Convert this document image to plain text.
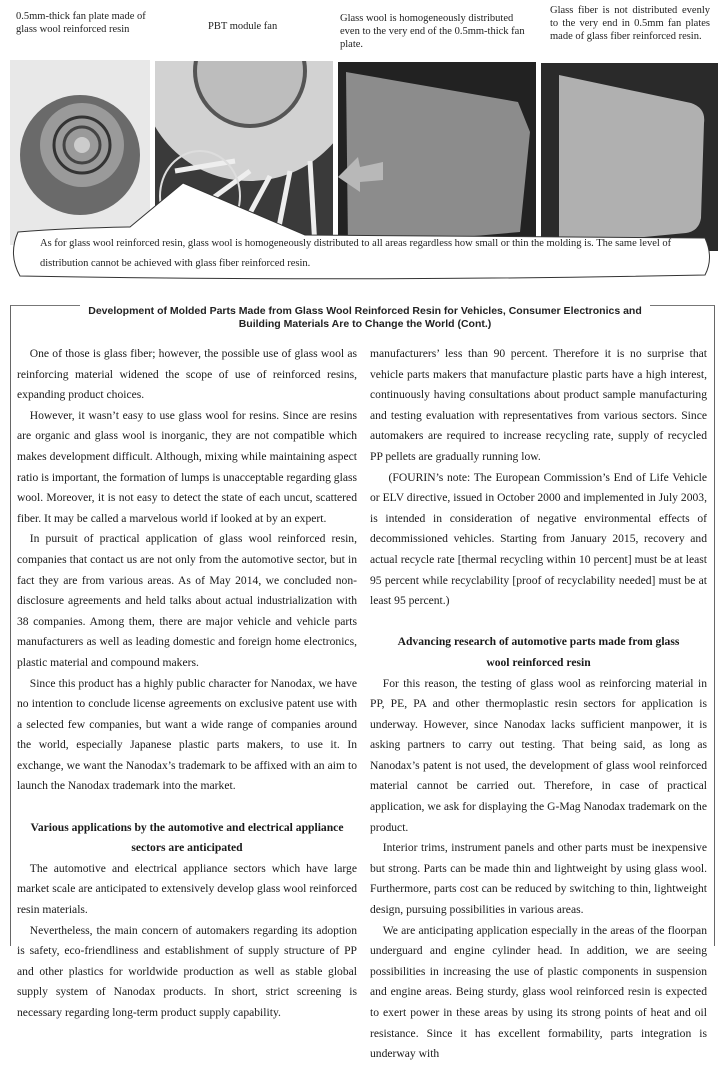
0.5mm-thick fan plate made of glass wool reinforced resin	PBT module fan
Glass wool is homogeneously distributed even to the very end of the 0.5mm-thick fan plate.
Glass fiber is not distributed evenly to the very end in 0.5mm fan plates made of glass fiber reinforced resin.
As for glass wool reinforced resin, glass wool is homogeneously distributed to all areas regardless how small or thin the molding is. The same level of distribution cannot be achieved with glass fiber reinforced resin.
Development of Molded Parts Made from Glass Wool Reinforced Resin for Vehicles, Consumer Electronics and
Building Materials Are to Change the World (Cont.)

One of those is glass fiber; however, the possible use of glass wool as reinforcing material widened the scope of use of reinforced resins, expanding product choices.

However, it wasn’t easy to use glass wool for resins. Since are resins are organic and glass wool is inorganic, they are not compatible which makes development difficult. Although, mixing while maintaining aspect ratio is important, the formation of lumps is unacceptable regarding glass wool. Moreover, it is not easy to detect the state of each uncut, scattered fiber. It may be called a marvelous world if looked at by an expert.

In pursuit of practical application of glass wool reinforced resin, companies that contact us are not only from the automotive sector, but in fact they are from various areas. As of May 2014, we concluded non-disclosure agreements and held talks about actual industrialization with 38 companies. Among them, there are major vehicle and vehicle parts manufacturers as well as leading domestic and foreign home electronics, plastic material and compound makers.

Since this product has a highly public character for Nanodax, we have no intention to conclude license agreements on exclusive patent use with a selected few companies, but want a wide range of companies around the world, especially Japanese plastic parts makers, to use it. In exchange, we want the Nanodax’s trademark to be affixed with an aim to launch the Nanodax trademark into the market.

Various applications by the automotive and electrical appliance sectors are anticipated

The automotive and electrical appliance sectors which have large market scale are anticipated to extensively develop glass wool reinforced resin materials.

Nevertheless, the main concern of automakers regarding its adoption is safety, eco-friendliness and establishment of supply structure of PP and other plastics for worldwide production as well as stable global supply system of Nanodax products. In short, strict screening is necessary regarding long-term product supply capability.

manufacturers’ less than 90 percent. Therefore it is no surprise that vehicle parts makers that manufacture plastic parts have a high interest, continuously having consultations about product sample manufacturing and testing evaluation with representatives from various sectors. Since automakers are required to increase recycling rate, supply of recycled PP pellets are gradually running low.

(FOURIN’s note: The European Commission’s End of Life Vehicle or ELV directive, issued in October 2000 and implemented in July 2003, is intended in consideration of negative environmental effects of decommissioned vehicles. Starting from January 2015, recovery and actual recycle rate [thermal recycling within 10 percent] must be at least 95 percent while recyclability [proof of recyclability needed] must be at least 95 percent.)

Advancing research of automotive parts made from glass wool reinforced resin

For this reason, the testing of glass wool as reinforcing material in PP, PE, PA and other thermoplastic resin sectors for application is underway. However, since Nanodax lacks sufficient manpower, it is asking partners to carry out testing. That being said, as long as Nanodax’s patent is not used, the development of glass wool reinforced material cannot be carried out. Therefore, in case of practical application, we ask for displaying the G-Mag Nanodax trademark on the product.

Interior trims, instrument panels and other parts must be inexpensive but strong. Parts can be made thin and lightweight by using glass wool. Furthermore, parts cost can be reduced by switching to thin, lightweight design, pursuing possibilities in various areas.

We are anticipating application especially in the areas of the floorpan underguard and engine cylinder head. In addition, we are seeing possibilities in increasing the use of plastic components in suspension and engine areas. Being sturdy, glass wool reinforced resin is expected to exert power in these areas by using its strong points of heat and oil resistance. Since it has excellent formability, parts integration is underway with
